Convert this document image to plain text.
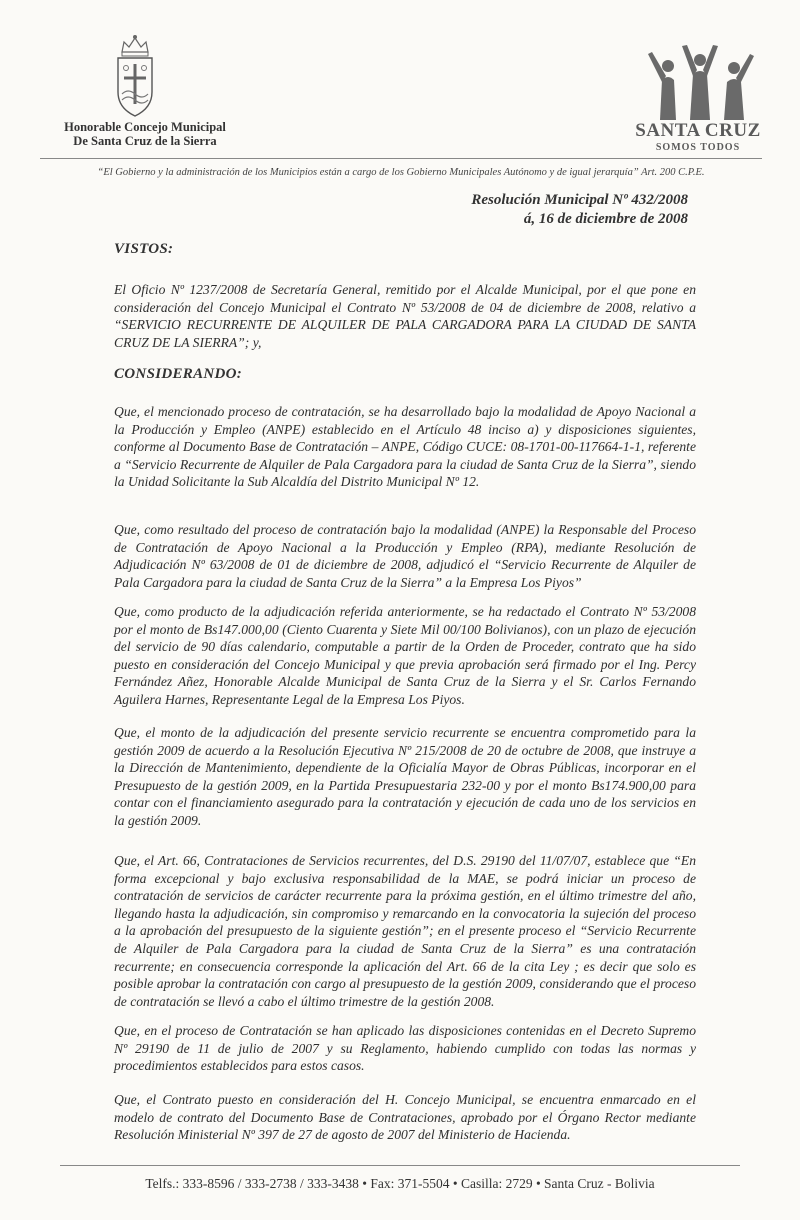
Honorable Concejo Municipal
De Santa Cruz de la Sierra	SANTA CRUZ
SOMOS TODOS
“El Gobierno y la administración de los Municipios están a cargo de los Gobierno Municipales Autónomo y de igual jerarquía” Art. 200 C.P.E.
Resolución Municipal Nº 432/2008
á, 16 de diciembre de 2008
VISTOS:
El Oficio Nº 1237/2008 de Secretaría General, remitido por el Alcalde Municipal, por el que pone en consideración del Concejo Municipal el Contrato Nº 53/2008 de 04 de diciembre de 2008, relativo a “SERVICIO RECURRENTE DE ALQUILER DE PALA CARGADORA PARA LA CIUDAD DE SANTA CRUZ DE LA SIERRA”; y,
CONSIDERANDO:
Que, el mencionado proceso de contratación, se ha desarrollado bajo la modalidad de Apoyo Nacional a la Producción y Empleo (ANPE) establecido en el Artículo 48 inciso a) y disposiciones siguientes, conforme al Documento Base de Contratación – ANPE, Código CUCE: 08-1701-00-117664-1-1, referente a “Servicio Recurrente de Alquiler de Pala Cargadora para la ciudad de Santa Cruz de la Sierra”, siendo la Unidad Solicitante la Sub Alcaldía del Distrito Municipal Nº 12.
Que, como resultado del proceso de contratación bajo la modalidad (ANPE) la Responsable del Proceso de Contratación de Apoyo Nacional a la Producción y Empleo (RPA), mediante Resolución de Adjudicación Nº 63/2008 de 01 de diciembre de 2008, adjudicó el “Servicio Recurrente de Alquiler de Pala Cargadora para la ciudad de Santa Cruz de la Sierra” a la Empresa Los Piyos”
Que, como producto de la adjudicación referida anteriormente, se ha redactado el Contrato Nº 53/2008 por el monto de Bs147.000,00 (Ciento Cuarenta y Siete Mil 00/100 Bolivianos), con un plazo de ejecución del servicio de 90 días calendario, computable a partir de la Orden de Proceder, contrato que ha sido puesto en consideración del Concejo Municipal y que previa aprobación será firmado por el Ing. Percy Fernández Añez, Honorable Alcalde Municipal de Santa Cruz de la Sierra y el Sr. Carlos Fernando Aguilera Harnes, Representante Legal de la Empresa Los Piyos.
Que, el monto de la adjudicación del presente servicio recurrente se encuentra comprometido para la gestión 2009 de acuerdo a la Resolución Ejecutiva Nº 215/2008 de 20 de octubre de 2008, que instruye a la Dirección de Mantenimiento, dependiente de la Oficialía Mayor de Obras Públicas, incorporar en el Presupuesto de la gestión 2009, en la Partida Presupuestaria 232-00 y por el monto Bs174.900,00 para contar con el financiamiento asegurado para la contratación y ejecución de cada uno de los servicios en la gestión 2009.
Que, el Art. 66, Contrataciones de Servicios recurrentes, del D.S. 29190 del 11/07/07, establece que “En forma excepcional y bajo exclusiva responsabilidad de la MAE, se podrá iniciar un proceso de contratación de servicios de carácter recurrente para la próxima gestión, en el último trimestre del año, llegando hasta la adjudicación, sin compromiso y remarcando en la convocatoria la sujeción del proceso a la aprobación del presupuesto de la siguiente gestión”; en el presente proceso el “Servicio Recurrente de Alquiler de Pala Cargadora para la ciudad de Santa Cruz de la Sierra” es una contratación recurrente; en consecuencia corresponde la aplicación del Art. 66 de la cita Ley ; es decir que solo es posible aprobar la contratación con cargo al presupuesto de la gestión 2009, considerando que el proceso de contratación se llevó a cabo el último trimestre de la gestión 2008.
Que, en el proceso de Contratación se han aplicado las disposiciones contenidas en el Decreto Supremo Nº 29190 de 11 de julio de 2007 y su Reglamento, habiendo cumplido con todas las normas y procedimientos establecidos para estos casos.
Que, el Contrato puesto en consideración del H. Concejo Municipal, se encuentra enmarcado en el modelo de contrato del Documento Base de Contrataciones, aprobado por el Órgano Rector mediante Resolución Ministerial Nº 397 de 27 de agosto de 2007 del Ministerio de Hacienda.
Telfs.: 333-8596 / 333-2738 / 333-3438 • Fax: 371-5504 • Casilla: 2729 • Santa Cruz - Bolivia
